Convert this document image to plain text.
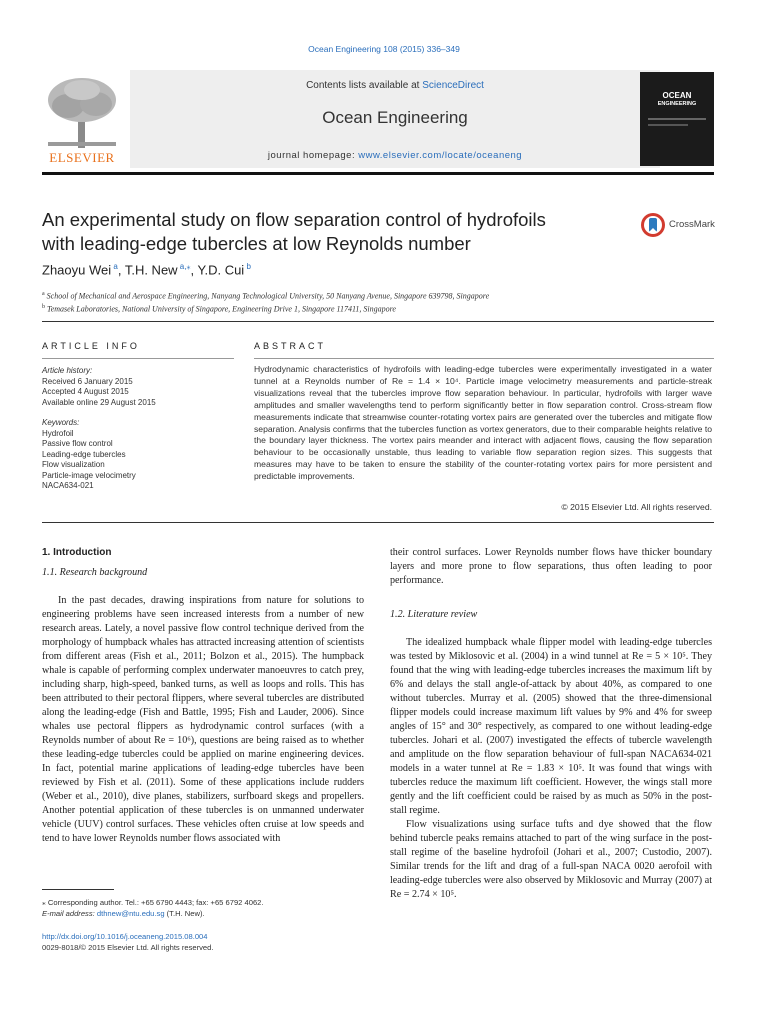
Ocean Engineering 108 (2015) 336–349
ELSEVIER
Contents lists available at ScienceDirect
Ocean Engineering
journal homepage: www.elsevier.com/locate/oceaneng
OCEAN
ENGINEERING
An experimental study on flow separation control of hydrofoils
with leading-edge tubercles at low Reynolds number
CrossMark
Zhaoyu Wei $^a$, T.H. New $^{a,⁎}$, Y.D. Cui $^b$
$^a$ School of Mechanical and Aerospace Engineering, Nanyang Technological University, 50 Nanyang Avenue, Singapore 639798, Singapore
$^b$ Temasek Laboratories, National University of Singapore, Engineering Drive 1, Singapore 117411, Singapore
ARTICLE INFO
Article history:
Received 6 January 2015
Accepted 4 August 2015
Available online 29 August 2015
Keywords:
Hydrofoil
Passive flow control
Leading-edge tubercles
Flow visualization
Particle-image velocimetry
NACA634-021
ABSTRACT

Hydrodynamic characteristics of hydrofoils with leading-edge tubercles were experimentally investigated in a water tunnel at a Reynolds number of Re = 1.4 × 10⁴. Particle image velocimetry measurements and particle-streak visualizations reveal that the tubercles improve flow separation behaviour. In particular, hydrofoils with larger wave amplitudes and smaller wavelengths tend to perform significantly better in flow separation control. Cross-stream flow measurements indicate that streamwise counter-rotating vortex pairs are generated over the tubercles and mitigate flow separation. Analysis confirms that the tubercles function as vortex generators, due to their comparable heights relative to the boundary layer thickness. The vortex pairs meander and interact with adjacent flows, causing the flow separation behaviour to be occasionally unstable, thus leading to variable flow separation region sizes. This suggests that measures may have to be taken to ensure the stability of the counter-rotating vortex pairs for more persistent and predictable improvements.

© 2015 Elsevier Ltd. All rights reserved.

1. Introduction

1.1. Research background

In the past decades, drawing inspirations from nature for solutions to engineering problems have seen increased interests from a number of new research areas. Lately, a novel passive flow control technique derived from the morphology of humpback whales has attracted increasing attention of scientists from different areas (Fish et al., 2011; Bolzon et al., 2015). The humpback whale is capable of performing complex underwater manoeuvres to catch prey, including sharp, high-speed, banked turns, as well as loops and rolls. This has been attributed to their pectoral flippers, where several tubercles are distributed along the leading-edge (Fish and Battle, 1995; Fish and Lauder, 2006). Since whales use pectoral flippers as hydrodynamic control surfaces (with a Reynolds number of about Re = 10⁶), questions are being raised as to whether these leading-edge tubercles could be applied on marine engineering devices. In fact, potential marine applications of leading-edge tubercles have been reviewed by Fish et al. (2011). Some of these applications include rudders (Weber et al., 2010), dive planes, stabilizers, surfboard skegs and propellers. Another potential application of these tubercles is on unmanned underwater vehicle (UUV) control surfaces. These vehicles often cruise at low speeds and tend to have lower Reynolds number flows associated with

their control surfaces. Lower Reynolds number flows have thicker boundary layers and more prone to flow separations, thus often leading to poor performance.

1.2. Literature review

The idealized humpback whale flipper model with leading-edge tubercles was tested by Miklosovic et al. (2004) in a wind tunnel at Re = 5 × 10⁵. They found that the wing with leading-edge tubercles increases the maximum lift by 6% and delays the stall angle-of-attack by about 40%, as compared to one without tubercles. Murray et al. (2005) showed that the three-dimensional flipper models could increase maximum lift values by 9% and 4% for sweep angles of 15° and 30° respectively, as compared to one without leading-edge tubercles. Johari et al. (2007) investigated the effects of tubercle wavelength and amplitude on the flow separation behaviour of full-span NACA634-021 models in a water tunnel at Re = 1.83 × 10⁵. It was found that wings with tubercles reduce the maximum lift coefficient. However, the wings stall more gently and the lift coefficient could be raised by as much as 50% in the post-stall regime.

Flow visualizations using surface tufts and dye showed that the flow behind tubercle peaks remains attached to part of the wing surface in the post-stall regime of the baseline hydrofoil (Johari et al., 2007; Custodio, 2007). Similar trends for the lift and drag of a full-span NACA 0020 aerofoil with leading-edge tubercles were also observed by Miklosovic and Murray (2007) at Re = 2.74 × 10⁵.

⁎ Corresponding author. Tel.: +65 6790 4443; fax: +65 6792 4062.
E-mail address: dthnew@ntu.edu.sg (T.H. New).
http://dx.doi.org/10.1016/j.oceaneng.2015.08.004
0029-8018/© 2015 Elsevier Ltd. All rights reserved.
